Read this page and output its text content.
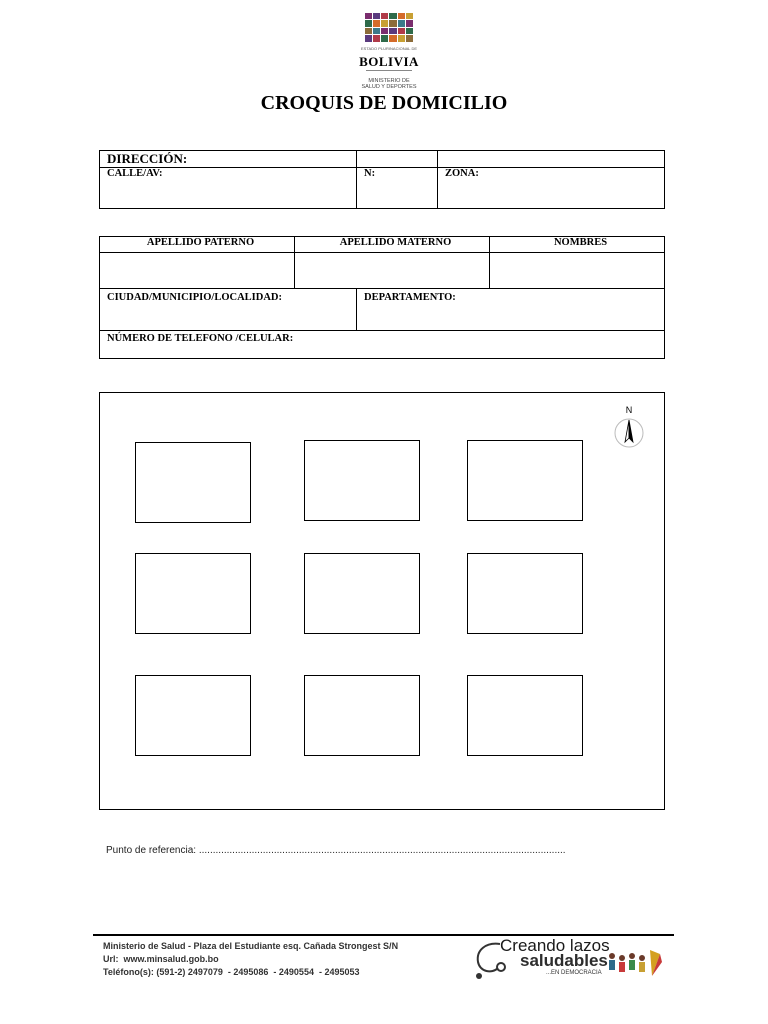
ESTADO PLURINACIONAL DE
BOLIVIA
MINISTERIO DE
SALUD Y DEPORTES
CROQUIS DE DOMICILIO
DIRECCIÓN:		
CALLE/AV:	N:	ZONA:
APELLIDO PATERNO	APELLIDO MATERNO	NOMBRES

CIUDAD/MUNICIPIO/LOCALIDAD:	DEPARTAMENTO:
NÚMERO DE TELEFONO /CELULAR:
N
Punto de referencia: ....................................................................................................................................
Ministerio de Salud - Plaza del Estudiante esq. Cañada Strongest S/N
Url:  www.minsalud.gob.bo
Teléfono(s): (591-2) 2497079  - 2495086  - 2490554  - 2495053
Creando lazos
saludables
...EN DEMOCRACIA
